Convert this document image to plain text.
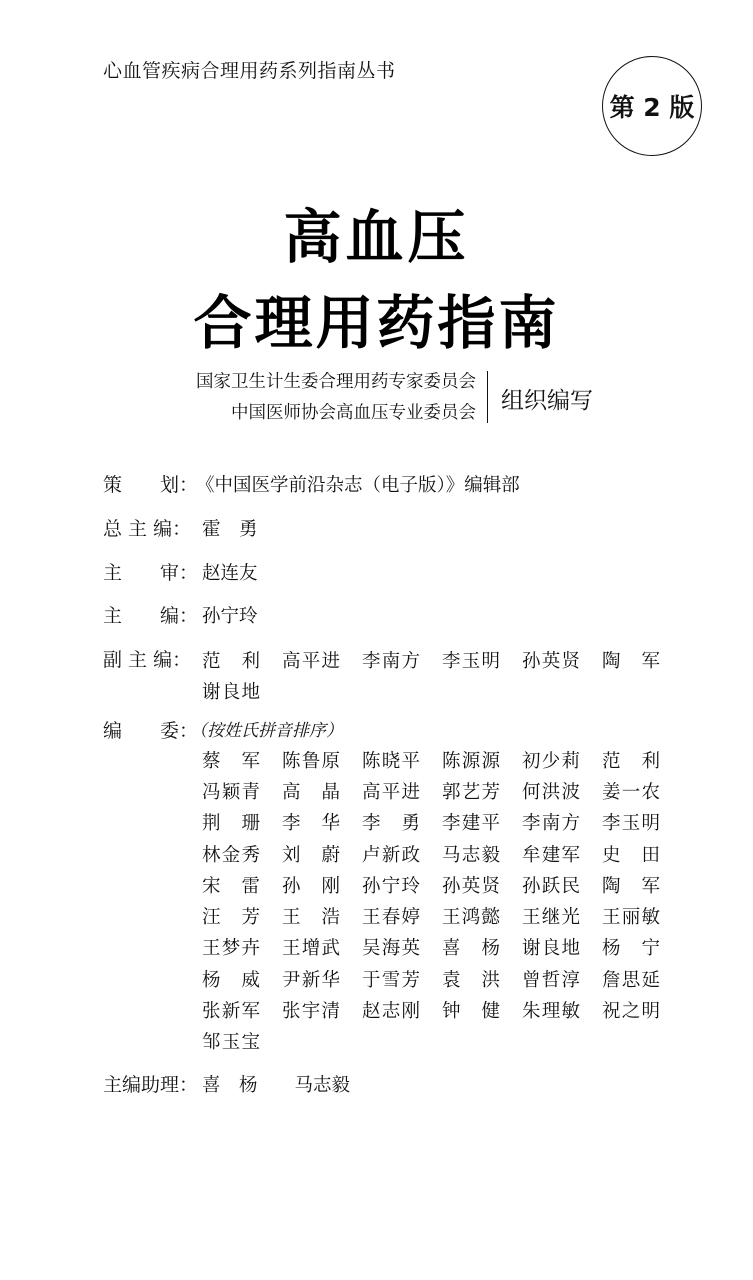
心血管疾病合理用药系列指南丛书
第 2 版
高血压
合理用药指南
国家卫生计生委合理用药专家委员会
中国医师协会高血压专业委员会 组织编写
策　　划：
《中国医学前沿杂志（电子版）》编辑部
总 主 编： 霍　勇
主　　审： 赵连友
主　　编： 孙宁玲
副 主 编： 范 利 高 平 进 李 南 方 李 玉 明 孙 英 贤 陶 军
谢 良 地
编　　委：
（按姓氏拼音排序）
蔡 军 陈 鲁 原 陈 晓 平 陈 源 源 初 少 莉 范 利
冯 颖 青 高 晶 高 平 进 郭 艺 芳 何 洪 波 姜 一 农
荆 珊 李 华 李 勇 李 建 平 李 南 方 李 玉 明
林 金 秀 刘 蔚 卢 新 政 马 志 毅 牟 建 军 史 田
宋 雷 孙 刚 孙 宁 玲 孙 英 贤 孙 跃 民 陶 军
汪 芳 王 浩 王 春 婷 王 鸿 懿 王 继 光 王 丽 敏
王 梦 卉 王 增 武 吴 海 英 喜 杨 谢 良 地 杨 宁
杨 威 尹 新 华 于 雪 芳 袁 洪 曾 哲 淳 詹 思 延
张 新 军 张 宇 清 赵 志 刚 钟 健 朱 理 敏 祝 之 明
邹 玉 宝
主编助理： 喜　杨　　马志毅
